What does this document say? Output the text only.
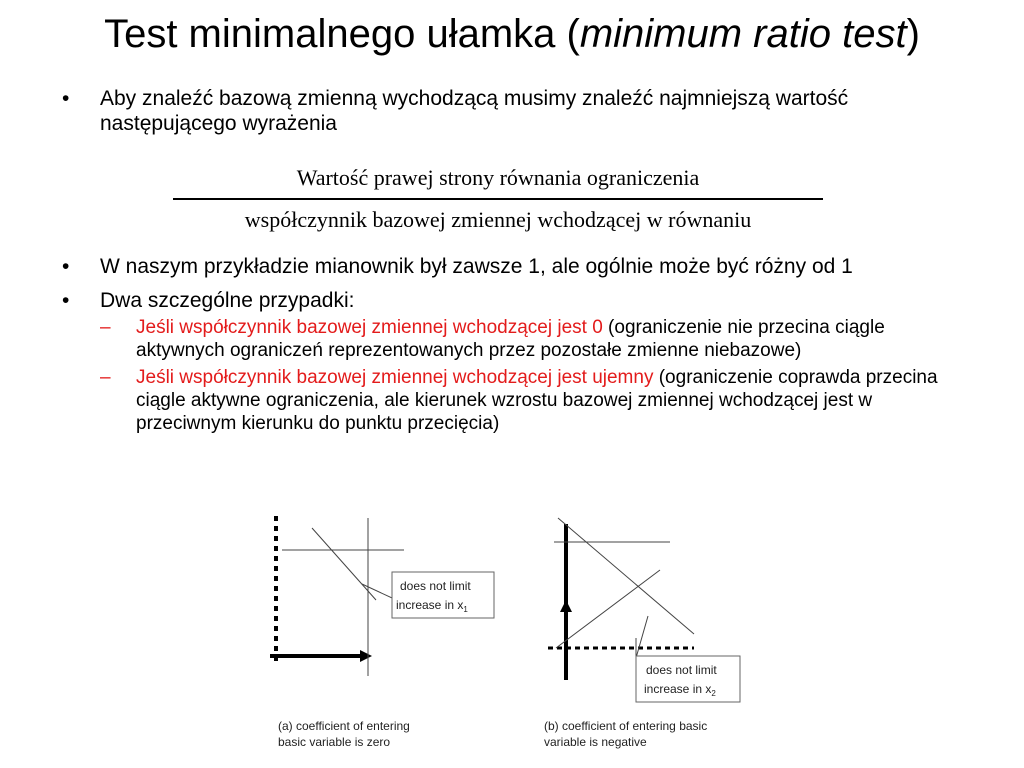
Test minimalnego ułamka (minimum ratio test)
• Aby znaleźć bazową zmienną wychodzącą musimy znaleźć najmniejszą wartość następującego wyrażenia
• W naszym przykładzie mianownik był zawsze 1, ale ogólnie może być różny od 1
• Dwa szczególne przypadki:
– Jeśli współczynnik bazowej zmiennej wchodzącej jest 0 (ograniczenie nie przecina ciągle aktywnych ograniczeń reprezentowanych przez pozostałe zmienne niebazowe)
– Jeśli współczynnik bazowej zmiennej wchodzącej jest ujemny (ograniczenie coprawda przecina ciągle aktywne ograniczenia, ale kierunek wzrostu bazowej zmiennej wchodzącej jest w przeciwnym kierunku do punktu przecięcia)
Wartość prawej strony równania ograniczenia
współczynnik bazowej zmiennej wchodzącej w równaniu
does not limit
increase in $x_1$
(a) coefficient of entering
basic variable is zero
does not limit
increase in $x_2$
(b) coefficient of entering basic
variable is negative
